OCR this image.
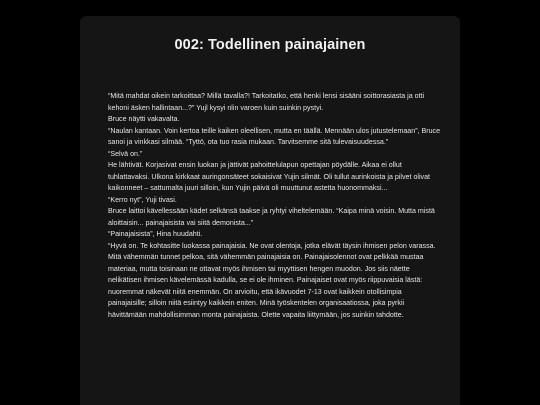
002: Todellinen painajainen

“Mitä mahdat oikein tarkoittaa? Millä tavalla?! Tarkoitatko, että henki lensi sisääni soittorasiasta ja otti kehoni äsken hallintaan...?” Yujl kysyi nlin varoen kuin suinkin pystyi.

Bruce näytti vakavalta.

“Naulan kantaan. Voin kertoa teille kaiken oleellisen, mutta en täällä. Mennään ulos jutustelemaan”, Bruce sanoi ja vinkkasi silmää. “Tyttö, ota tuo rasia mukaan. Tarvitsemme sitä tulevaisuudessa.”

“Selvä on.”

He lähtivät. Korjasivat ensin luokan ja jättivät pahoittelulapun opettajan pöydälle. Aikaa ei ollut tuhlattavaksi. Ulkona kirkkaat auringonsäteet sokaisivat Yujin silmät. Oli tullut aurinkoista ja pilvet olivat kaikonneet – sattumalta juuri silloin, kun Yujin päivä oli muuttunut astetta huonommaksi...

“Kerro nyt”, Yuji tivasi.

Bruce laittoi kävellessään kädet selkänsä taakse ja ryhtyi viheltelemään. “Kaipa minä voisin. Mutta mistä aloittaisin... painajaisista vai siitä demonista...”

“Painajaisista”, Hina huudahti.

“Hyvä on. Te kohtasitte luokassa painajaisia. Ne ovat olentoja, jotka elävät täysin ihmisen pelon varassa. Mitä vähemmän tunnet pelkoa, sitä vähemmän painajaisia on. Painajaisolennot ovat pelkkää mustaa materiaa, mutta toisinaan ne ottavat myös ihmisen tai myyttisen hengen muodon. Jos siis näette nelikätisen ihmisen kävelemässä kadulla, se ei ole ihminen. Painajaiset ovat myös riippuvaisia lästä: nuoremmat näkevät niitä enemmän. On arvioitu, että ikävuodet 7-13 ovat kaikkein otollisimpia painajaisille; silloin niitä esiintyy kaikkein eniten. Minä työskentelen organisaatiossa, joka pyrkii hävittämään mahdollisimman monta painajaista. Olette vapaita liittymään, jos suinkin tahdotte.
